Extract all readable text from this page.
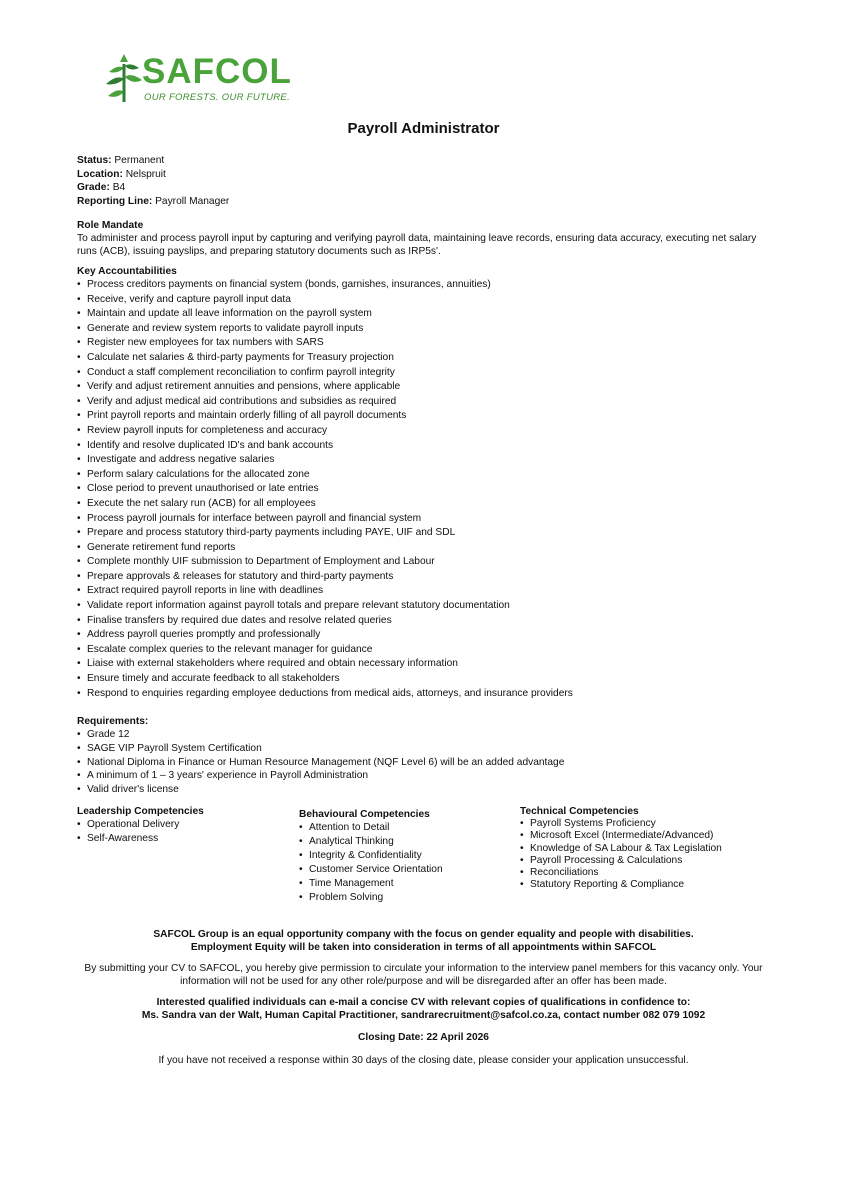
SAFCOL
OUR FORESTS. OUR FUTURE.
Payroll Administrator
Status: Permanent
Location: Nelspruit
Grade: B4
Reporting Line: Payroll Manager
Role Mandate
To administer and process payroll input by capturing and verifying payroll data, maintaining leave records, ensuring data accuracy, executing net salary runs (ACB), issuing payslips, and preparing statutory documents such as IRP5s'.
Key Accountabilities
• Process creditors payments on financial system (bonds, garnishes, insurances, annuities)
• Receive, verify and capture payroll input data
• Maintain and update all leave information on the payroll system
• Generate and review system reports to validate payroll inputs
• Register new employees for tax numbers with SARS
• Calculate net salaries & third-party payments for Treasury projection
• Conduct a staff complement reconciliation to confirm payroll integrity
• Verify and adjust retirement annuities and pensions, where applicable
• Verify and adjust medical aid contributions and subsidies as required
• Print payroll reports and maintain orderly filling of all payroll documents
• Review payroll inputs for completeness and accuracy
• Identify and resolve duplicated ID's and bank accounts
• Investigate and address negative salaries
• Perform salary calculations for the allocated zone
• Close period to prevent unauthorised or late entries
• Execute the net salary run (ACB) for all employees
• Process payroll journals for interface between payroll and financial system
• Prepare and process statutory third-party payments including PAYE, UIF and SDL
• Generate retirement fund reports
• Complete monthly UIF submission to Department of Employment and Labour
• Prepare approvals & releases for statutory and third-party payments
• Extract required payroll reports in line with deadlines
• Validate report information against payroll totals and prepare relevant statutory documentation
• Finalise transfers by required due dates and resolve related queries
• Address payroll queries promptly and professionally
• Escalate complex queries to the relevant manager for guidance
• Liaise with external stakeholders where required and obtain necessary information
• Ensure timely and accurate feedback to all stakeholders
• Respond to enquiries regarding employee deductions from medical aids, attorneys, and insurance providers
Requirements:
• Grade 12
• SAGE VIP Payroll System Certification
• National Diploma in Finance or Human Resource Management (NQF Level 6) will be an added advantage
• A minimum of 1 – 3 years' experience in Payroll Administration
• Valid driver's license
Leadership Competencies
• Operational Delivery
• Self-Awareness
Behavioural Competencies
• Attention to Detail
• Analytical Thinking
• Integrity & Confidentiality
• Customer Service Orientation
• Time Management
• Problem Solving
Technical Competencies
• Payroll Systems Proficiency
• Microsoft Excel (Intermediate/Advanced)
• Knowledge of SA Labour & Tax Legislation
• Payroll Processing & Calculations
• Reconciliations
• Statutory Reporting & Compliance
SAFCOL Group is an equal opportunity company with the focus on gender equality and people with disabilities.
Employment Equity will be taken into consideration in terms of all appointments within SAFCOL
By submitting your CV to SAFCOL, you hereby give permission to circulate your information to the interview panel members for this vacancy only. Your
information will not be used for any other role/purpose and will be disregarded after an offer has been made.
Interested qualified individuals can e-mail a concise CV with relevant copies of qualifications in confidence to:
Ms. Sandra van der Walt, Human Capital Practitioner, sandrarecruitment@safcol.co.za, contact number 082 079 1092
Closing Date: 22 April 2026
If you have not received a response within 30 days of the closing date, please consider your application unsuccessful.
